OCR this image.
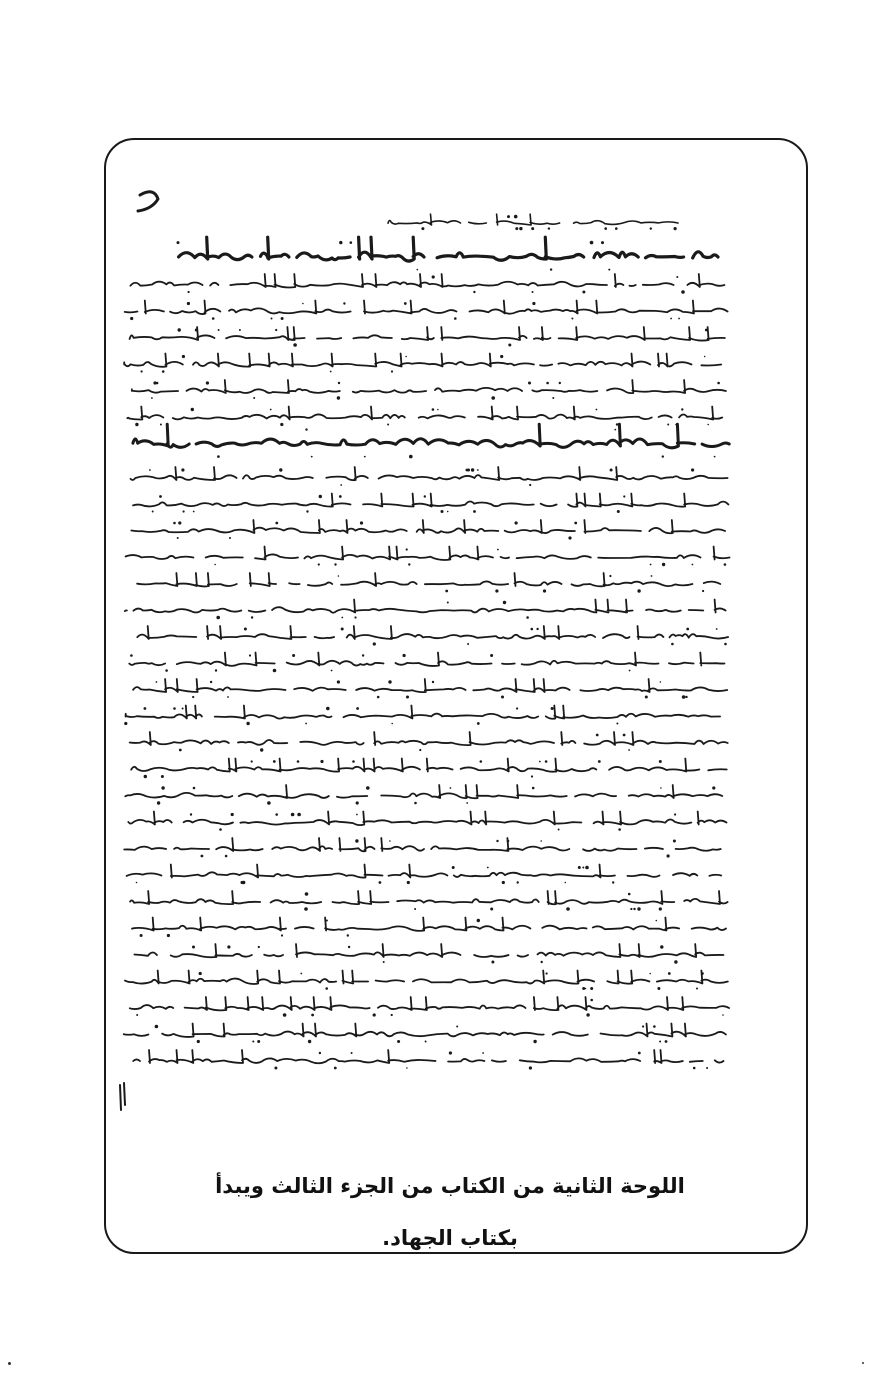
اللوحة الثانية من الكتاب من الجزء الثالث ويبدأ
بكتاب الجهاد.
